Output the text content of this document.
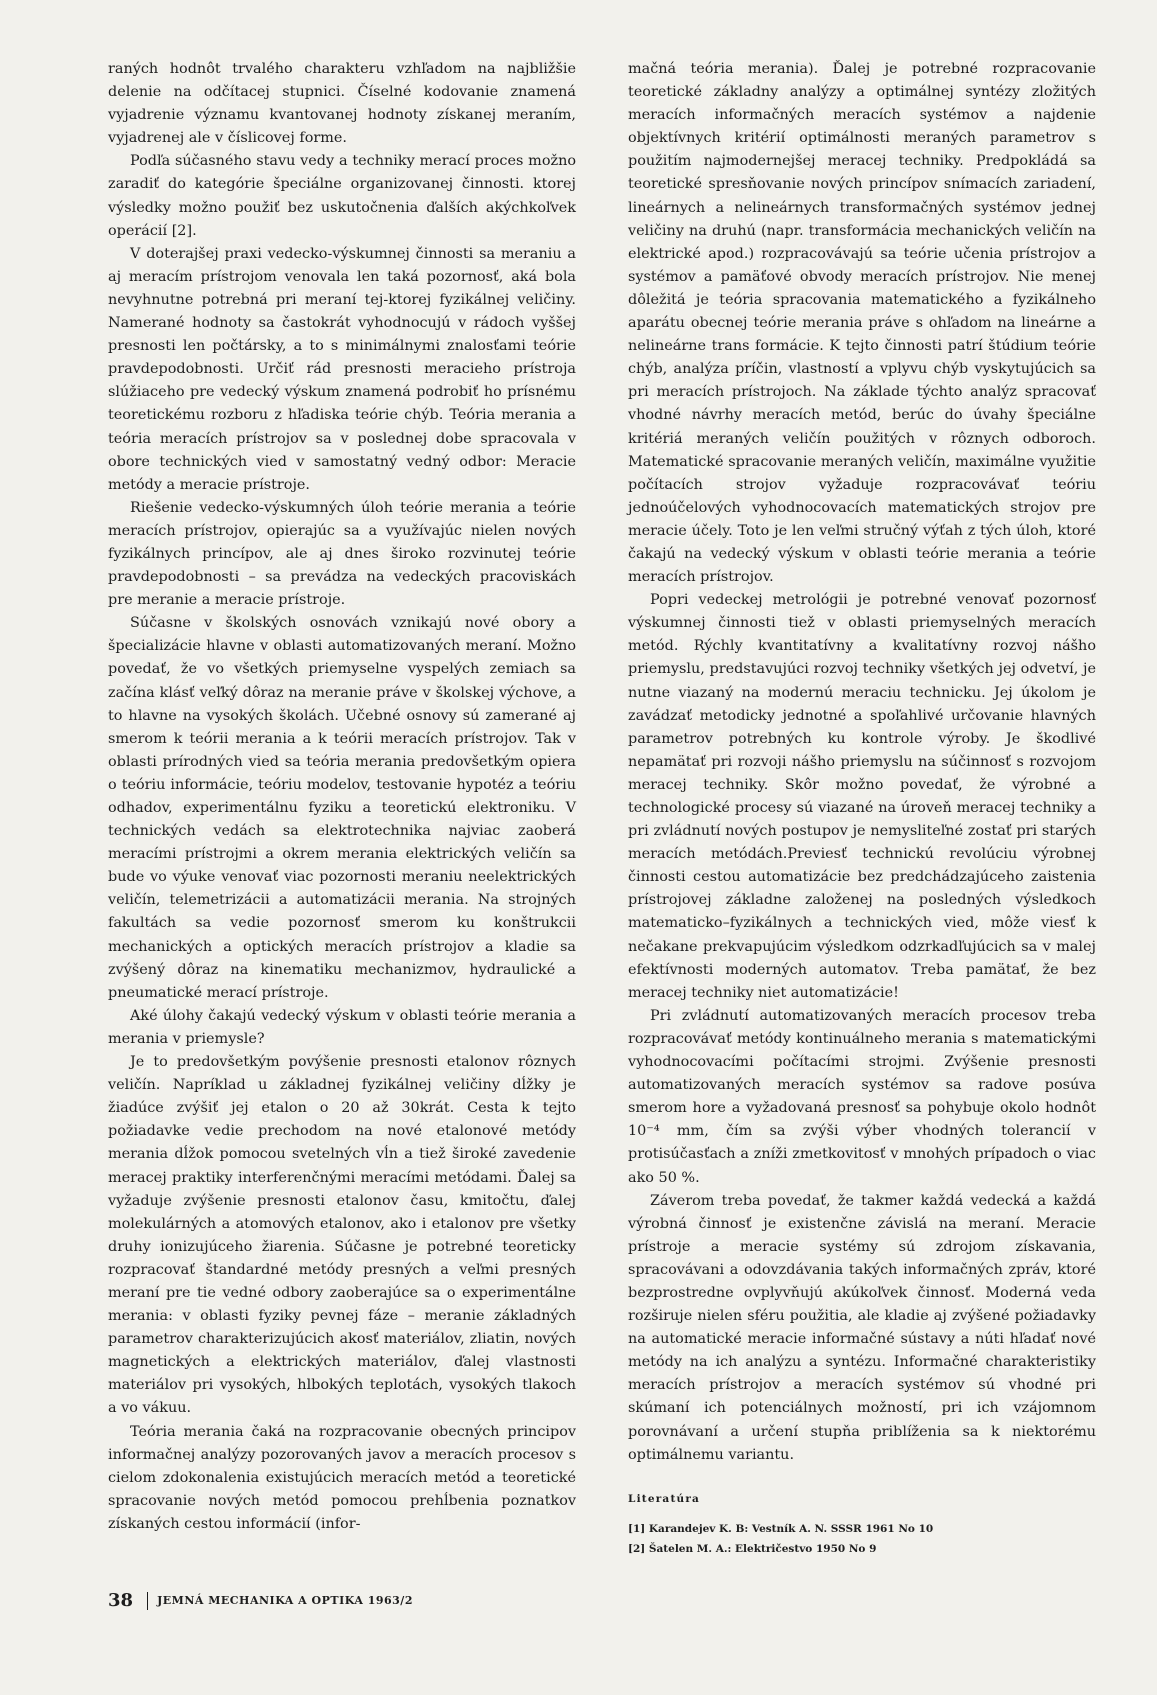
raných hodnôt trvalého charakteru vzhľadom na najbližšie delenie na odčítacej stupnici. Číselné kodovanie znamená vyjadrenie významu kvantovanej hodnoty získanej meraním, vyjadrenej ale v číslicovej forme.

Podľa súčasného stavu vedy a techniky merací proces možno zaradiť do kategórie špeciálne organizovanej činnosti. ktorej výsledky možno použiť bez uskutočnenia ďalších akýchkoľvek operácií [2].

V doterajšej praxi vedecko-výskumnej činnosti sa meraniu a aj meracím prístrojom venovala len taká pozornosť, aká bola nevyhnutne potrebná pri meraní tej-ktorej fyzikálnej veličiny. Namerané hodnoty sa častokrát vyhodnocujú v rádoch vyššej presnosti len počtársky, a to s minimálnymi znalosťami teórie pravdepodobnosti. Určiť rád presnosti meracieho prístroja slúžiaceho pre vedecký výskum znamená podrobiť ho prísnému teoretickému rozboru z hľadiska teórie chýb. Teória merania a teória meracích prístrojov sa v poslednej dobe spracovala v obore technických vied v samostatný vedný odbor: Meracie metódy a meracie prístroje.

Riešenie vedecko-výskumných úloh teórie merania a teórie meracích prístrojov, opierajúc sa a využívajúc nielen nových fyzikálnych princípov, ale aj dnes široko rozvinutej teórie pravdepodobnosti – sa prevádza na vedeckých pracoviskách pre meranie a meracie prístroje.

Súčasne v školských osnovách vznikajú nové obory a špecializácie hlavne v oblasti automatizovaných meraní. Možno povedať, že vo všetkých priemyselne vyspelých zemiach sa začína klásť veľký dôraz na meranie práve v školskej výchove, a to hlavne na vysokých školách. Učebné osnovy sú zamerané aj smerom k teórii merania a k teórii meracích prístrojov. Tak v oblasti prírodných vied sa teória merania predovšetkým opiera o teóriu informácie, teóriu modelov, testovanie hypotéz a teóriu odhadov, experimentálnu fyziku a teoretickú elektroniku. V technických vedách sa elektrotechnika najviac zaoberá meracími prístrojmi a okrem merania elektrických veličín sa bude vo výuke venovať viac pozornosti meraniu neelektrických veličín, telemetrizácii a automatizácii merania. Na strojných fakultách sa vedie pozornosť smerom ku konštrukcii mechanických a optických meracích prístrojov a kladie sa zvýšený dôraz na kinematiku mechanizmov, hydraulické a pneumatické merací prístroje.

Aké úlohy čakajú vedecký výskum v oblasti teórie merania a merania v priemysle?

Je to predovšetkým povýšenie presnosti etalonov rôznych veličín. Napríklad u základnej fyzikálnej veličiny dĺžky je žiadúce zvýšiť jej etalon o 20 až 30krát. Cesta k tejto požiadavke vedie prechodom na nové etalonové metódy merania dĺžok pomocou svetelných vĺn a tiež široké zavedenie meracej praktiky interferenčnými meracími metódami. Ďalej sa vyžaduje zvýšenie presnosti etalonov času, kmitočtu, ďalej molekulárných a atomových etalonov, ako i etalonov pre všetky druhy ionizujúceho žiarenia. Súčasne je potrebné teoreticky rozpracovať štandardné metódy presných a veľmi presných meraní pre tie vedné odbory zaoberajúce sa o experimentálne merania: v oblasti fyziky pevnej fáze – meranie základných parametrov charakterizujúcich akosť materiálov, zliatin, nových magnetických a elektrických materiálov, ďalej vlastnosti materiálov pri vysokých, hlbokých teplotách, vysokých tlakoch a vo vákuu.

Teória merania čaká na rozpracovanie obecných principov informačnej analýzy pozorovaných javov a meracích procesov s cielom zdokonalenia existujúcich meracích metód a teoretické spracovanie nových metód pomocou prehĺbenia poznatkov získaných cestou informácií (infor-

mačná teória merania). Ďalej je potrebné rozpracovanie teoretické základny analýzy a optimálnej syntézy zložitých meracích informačných meracích systémov a najdenie objektívnych kritérií optimálnosti meraných parametrov s použitím najmodernejšej meracej techniky. Predpokládá sa teoretické spresňovanie nových princípov snímacích zariadení, lineárnych a nelineárnych transformačných systémov jednej veličiny na druhú (napr. transformácia mechanických veličín na elektrické apod.) rozpracovávajú sa teórie učenia prístrojov a systémov a pamäťové obvody meracích prístrojov. Nie menej dôležitá je teória spracovania matematického a fyzikálneho aparátu obecnej teórie merania práve s ohľadom na lineárne a nelineárne trans formácie. K tejto činnosti patrí štúdium teórie chýb, analýza príčin, vlastností a vplyvu chýb vyskytujúcich sa pri meracích prístrojoch. Na základe týchto analýz spracovať vhodné návrhy meracích metód, berúc do úvahy špeciálne kritériá meraných veličín použitých v rôznych odboroch. Matematické spracovanie meraných veličín, maximálne využitie počítacích strojov vyžaduje rozpracovávať teóriu jednoúčelových vyhodnocovacích matematických strojov pre meracie účely. Toto je len veľmi stručný výťah z tých úloh, ktoré čakajú na vedecký výskum v oblasti teórie merania a teórie meracích prístrojov.

Popri vedeckej metrológii je potrebné venovať pozornosť výskumnej činnosti tiež v oblasti priemyselných meracích metód. Rýchly kvantitatívny a kvalitatívny rozvoj nášho priemyslu, predstavujúci rozvoj techniky všetkých jej odvetví, je nutne viazaný na modernú meraciu technicku. Jej úkolom je zavádzať metodicky jednotné a spoľahlivé určovanie hlavných parametrov potrebných ku kontrole výroby. Je škodlivé nepamätať pri rozvoji nášho priemyslu na súčinnosť s rozvojom meracej techniky. Skôr možno povedať, že výrobné a technologické procesy sú viazané na úroveň meracej techniky a pri zvládnutí nových postupov je nemysliteľné zostať pri starých meracích metódách.Previesť technickú revolúciu výrobnej činnosti cestou automatizácie bez predchádzajúceho zaistenia prístrojovej základne založenej na posledných výsledkoch matematicko–fyzikálnych a technických vied, môže viesť k nečakane prekvapujúcim výsledkom odzrkadľujúcich sa v malej efektívnosti moderných automatov. Treba pamätať, že bez meracej techniky niet automatizácie!

Pri zvládnutí automatizovaných meracích procesov treba rozpracovávať metódy kontinuálneho merania s matematickými vyhodnocovacími počítacími strojmi. Zvýšenie presnosti automatizovaných meracích systémov sa radove posúva smerom hore a vyžadovaná presnosť sa pohybuje okolo hodnôt 10⁻⁴ mm, čím sa zvýši výber vhodných tolerancií v protisúčasťach a zníži zmetkovitosť v mnohých prípadoch o viac ako 50 %.

Záverom treba povedať, že takmer každá vedecká a každá výrobná činnosť je existenčne závislá na meraní. Meracie prístroje a meracie systémy sú zdrojom získavania, spracovávani a odovzdávania takých informačných zpráv, ktoré bezprostredne ovplyvňujú akúkoľvek činnosť. Moderná veda rozširuje nielen sféru použitia, ale kladie aj zvýšené požiadavky na automatické meracie informačné sústavy a núti hľadať nové metódy na ich analýzu a syntézu. Informačné charakteristiky meracích prístrojov a meracích systémov sú vhodné pri skúmaní ich potenciálnych možností, pri ich vzájomnom porovnávaní a určení stupňa priblíženia sa k niektorému optimálnemu variantu.

Literatúra
[1] Karandejev K. B: Vestník A. N. SSSR 1961 No 10
[2] Šatelen M. A.: Električestvo 1950 No 9
38 JEMNÁ MECHANIKA A OPTIKA 1963/2
